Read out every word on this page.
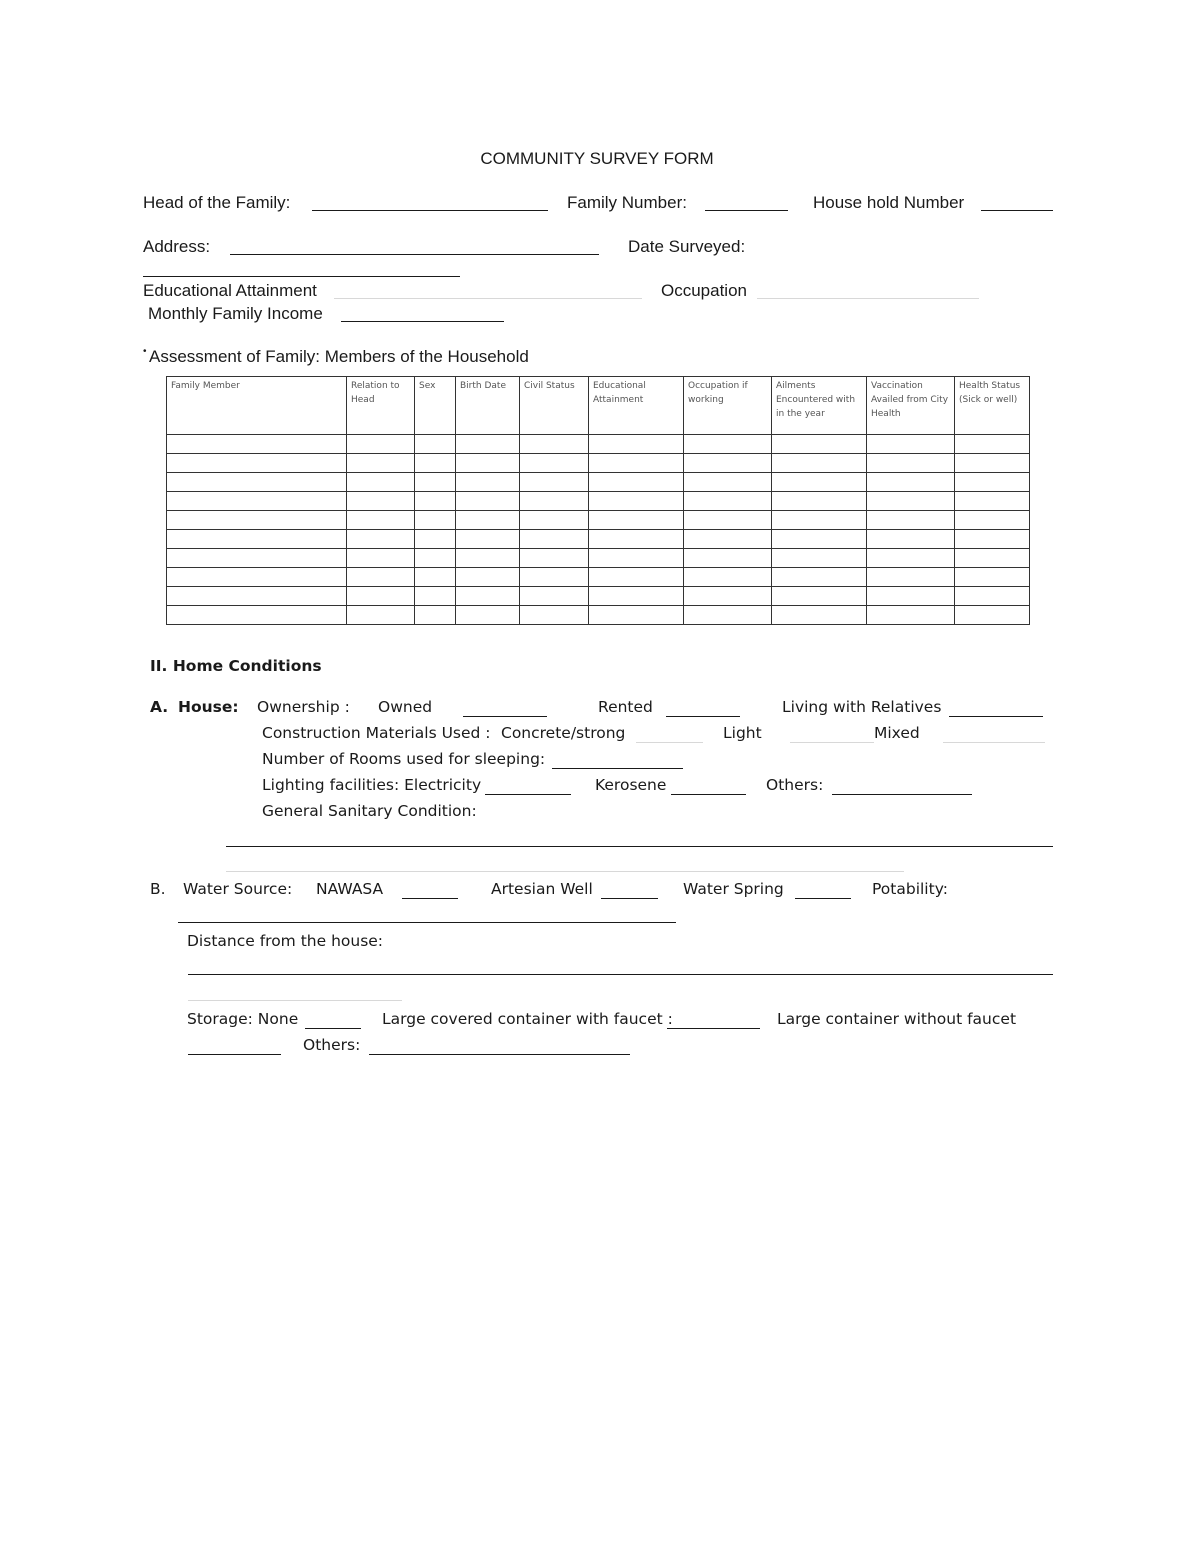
COMMUNITY SURVEY FORM
Head of the Family:	Family Number:	House hold Number
Address:	Date Surveyed:
Educational Attainment	Occupation
Monthly Family Income
• Assessment of Family: Members of the Household
Family Member	Relation to Head	Sex	Birth Date	Civil Status	Educational Attainment	Occupation if working	Ailments Encountered with in the year	Vaccination Availed from City Health	Health Status (Sick or well)

II. Home Conditions
A. House: Ownership : Owned	Rented	Living with Relatives
Construction Materials Used : Concrete/strong	Light	Mixed
Number of Rooms used for sleeping:
Lighting facilities: Electricity	Kerosene	Others:
General Sanitary Condition:
B. Water Source: NAWASA	Artesian Well	Water Spring	Potability:
Distance from the house:
Storage: None	Large covered container with faucet :	Large container without faucet
Others:
